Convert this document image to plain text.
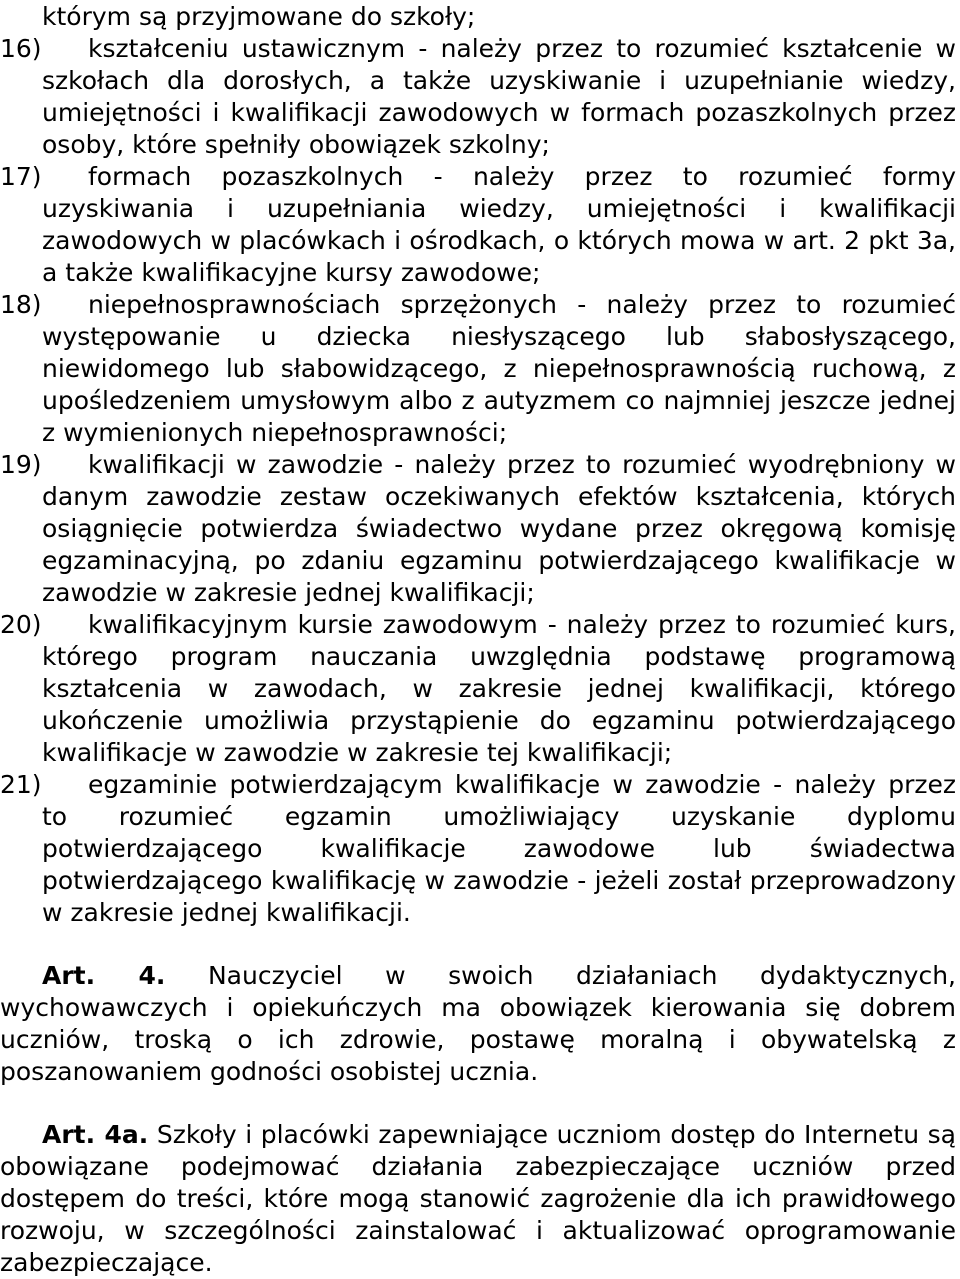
którym są przyjmowane do szkoły;

16)	kształceniu ustawicznym - należy przez to rozumieć kształcenie w szkołach dla dorosłych, a także uzyskiwanie i uzupełnianie wiedzy, umiejętności i kwalifikacji zawodowych w formach pozaszkolnych przez osoby, które spełniły obowiązek szkolny;
17)	formach pozaszkolnych - należy przez to rozumieć formy uzyskiwania i uzupełniania wiedzy, umiejętności i kwalifikacji zawodowych w placówkach i ośrodkach, o których mowa w art. 2 pkt 3a, a także kwalifikacyjne kursy zawodowe;
18)	niepełnosprawnościach sprzężonych - należy przez to rozumieć występowanie u dziecka niesłyszącego lub słabosłyszącego, niewidomego lub słabowidzącego, z niepełnosprawnością ruchową, z upośledzeniem umysłowym albo z autyzmem co najmniej jeszcze jednej z wymienionych niepełnosprawności;
19)	kwalifikacji w zawodzie - należy przez to rozumieć wyodrębniony w danym zawodzie zestaw oczekiwanych efektów kształcenia, których osiągnięcie potwierdza świadectwo wydane przez okręgową komisję egzaminacyjną, po zdaniu egzaminu potwierdzającego kwalifikacje w zawodzie w zakresie jednej kwalifikacji;
20)	kwalifikacyjnym kursie zawodowym - należy przez to rozumieć kurs, którego program nauczania uwzględnia podstawę programową kształcenia w zawodach, w zakresie jednej kwalifikacji, którego ukończenie umożliwia przystąpienie do egzaminu potwierdzającego kwalifikacje w zawodzie w zakresie tej kwalifikacji;
21)	egzaminie potwierdzającym kwalifikacje w zawodzie - należy przez to rozumieć egzamin umożliwiający uzyskanie dyplomu potwierdzającego kwalifikacje zawodowe lub świadectwa potwierdzającego kwalifikację w zawodzie - jeżeli został przeprowadzony w zakresie jednej kwalifikacji.

Art. 4. Nauczyciel w swoich działaniach dydaktycznych, wychowawczych i opiekuńczych ma obowiązek kierowania się dobrem uczniów, troską o ich zdrowie, postawę moralną i obywatelską z poszanowaniem godności osobistej ucznia.

Art. 4a. Szkoły i placówki zapewniające uczniom dostęp do Internetu są obowiązane podejmować działania zabezpieczające uczniów przed dostępem do treści, które mogą stanowić zagrożenie dla ich prawidłowego rozwoju, w szczególności zainstalować i aktualizować oprogramowanie zabezpieczające.
